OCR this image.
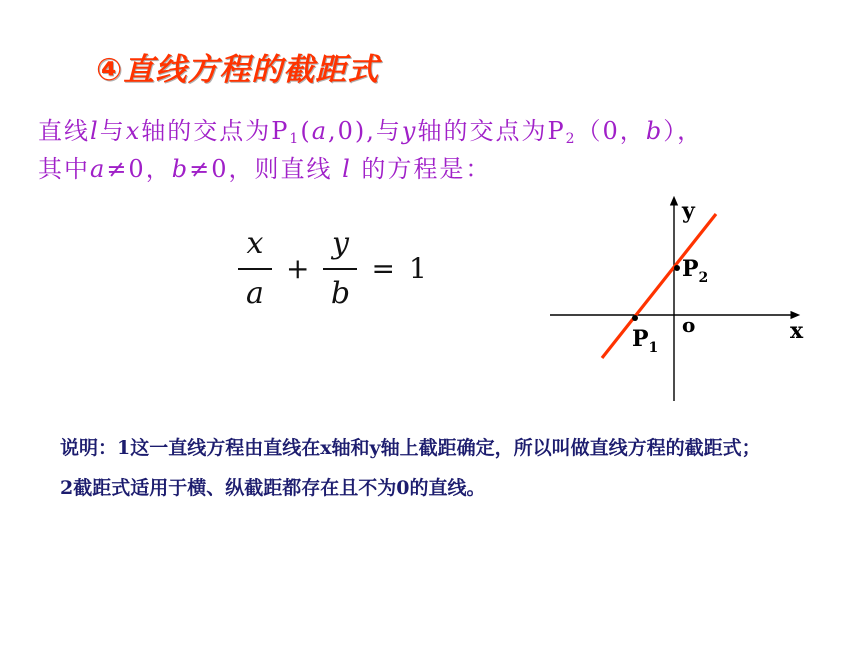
④直线方程的截距式
直线l与x轴的交点为$P_1(a,0)$,与y轴的交点为$P_2(0$，b），
其中a≠0，b≠0，则直线 l 的方程是：
$\frac{x}{a} + \frac{y}{b} = 1$
y
x
o
$P_2$
$P_1$

说明：1这一直线方程由直线在x轴和y轴上截距确定，所以叫做直线方程的截距式；

2截距式适用于横、纵截距都存在且不为0的直线。
